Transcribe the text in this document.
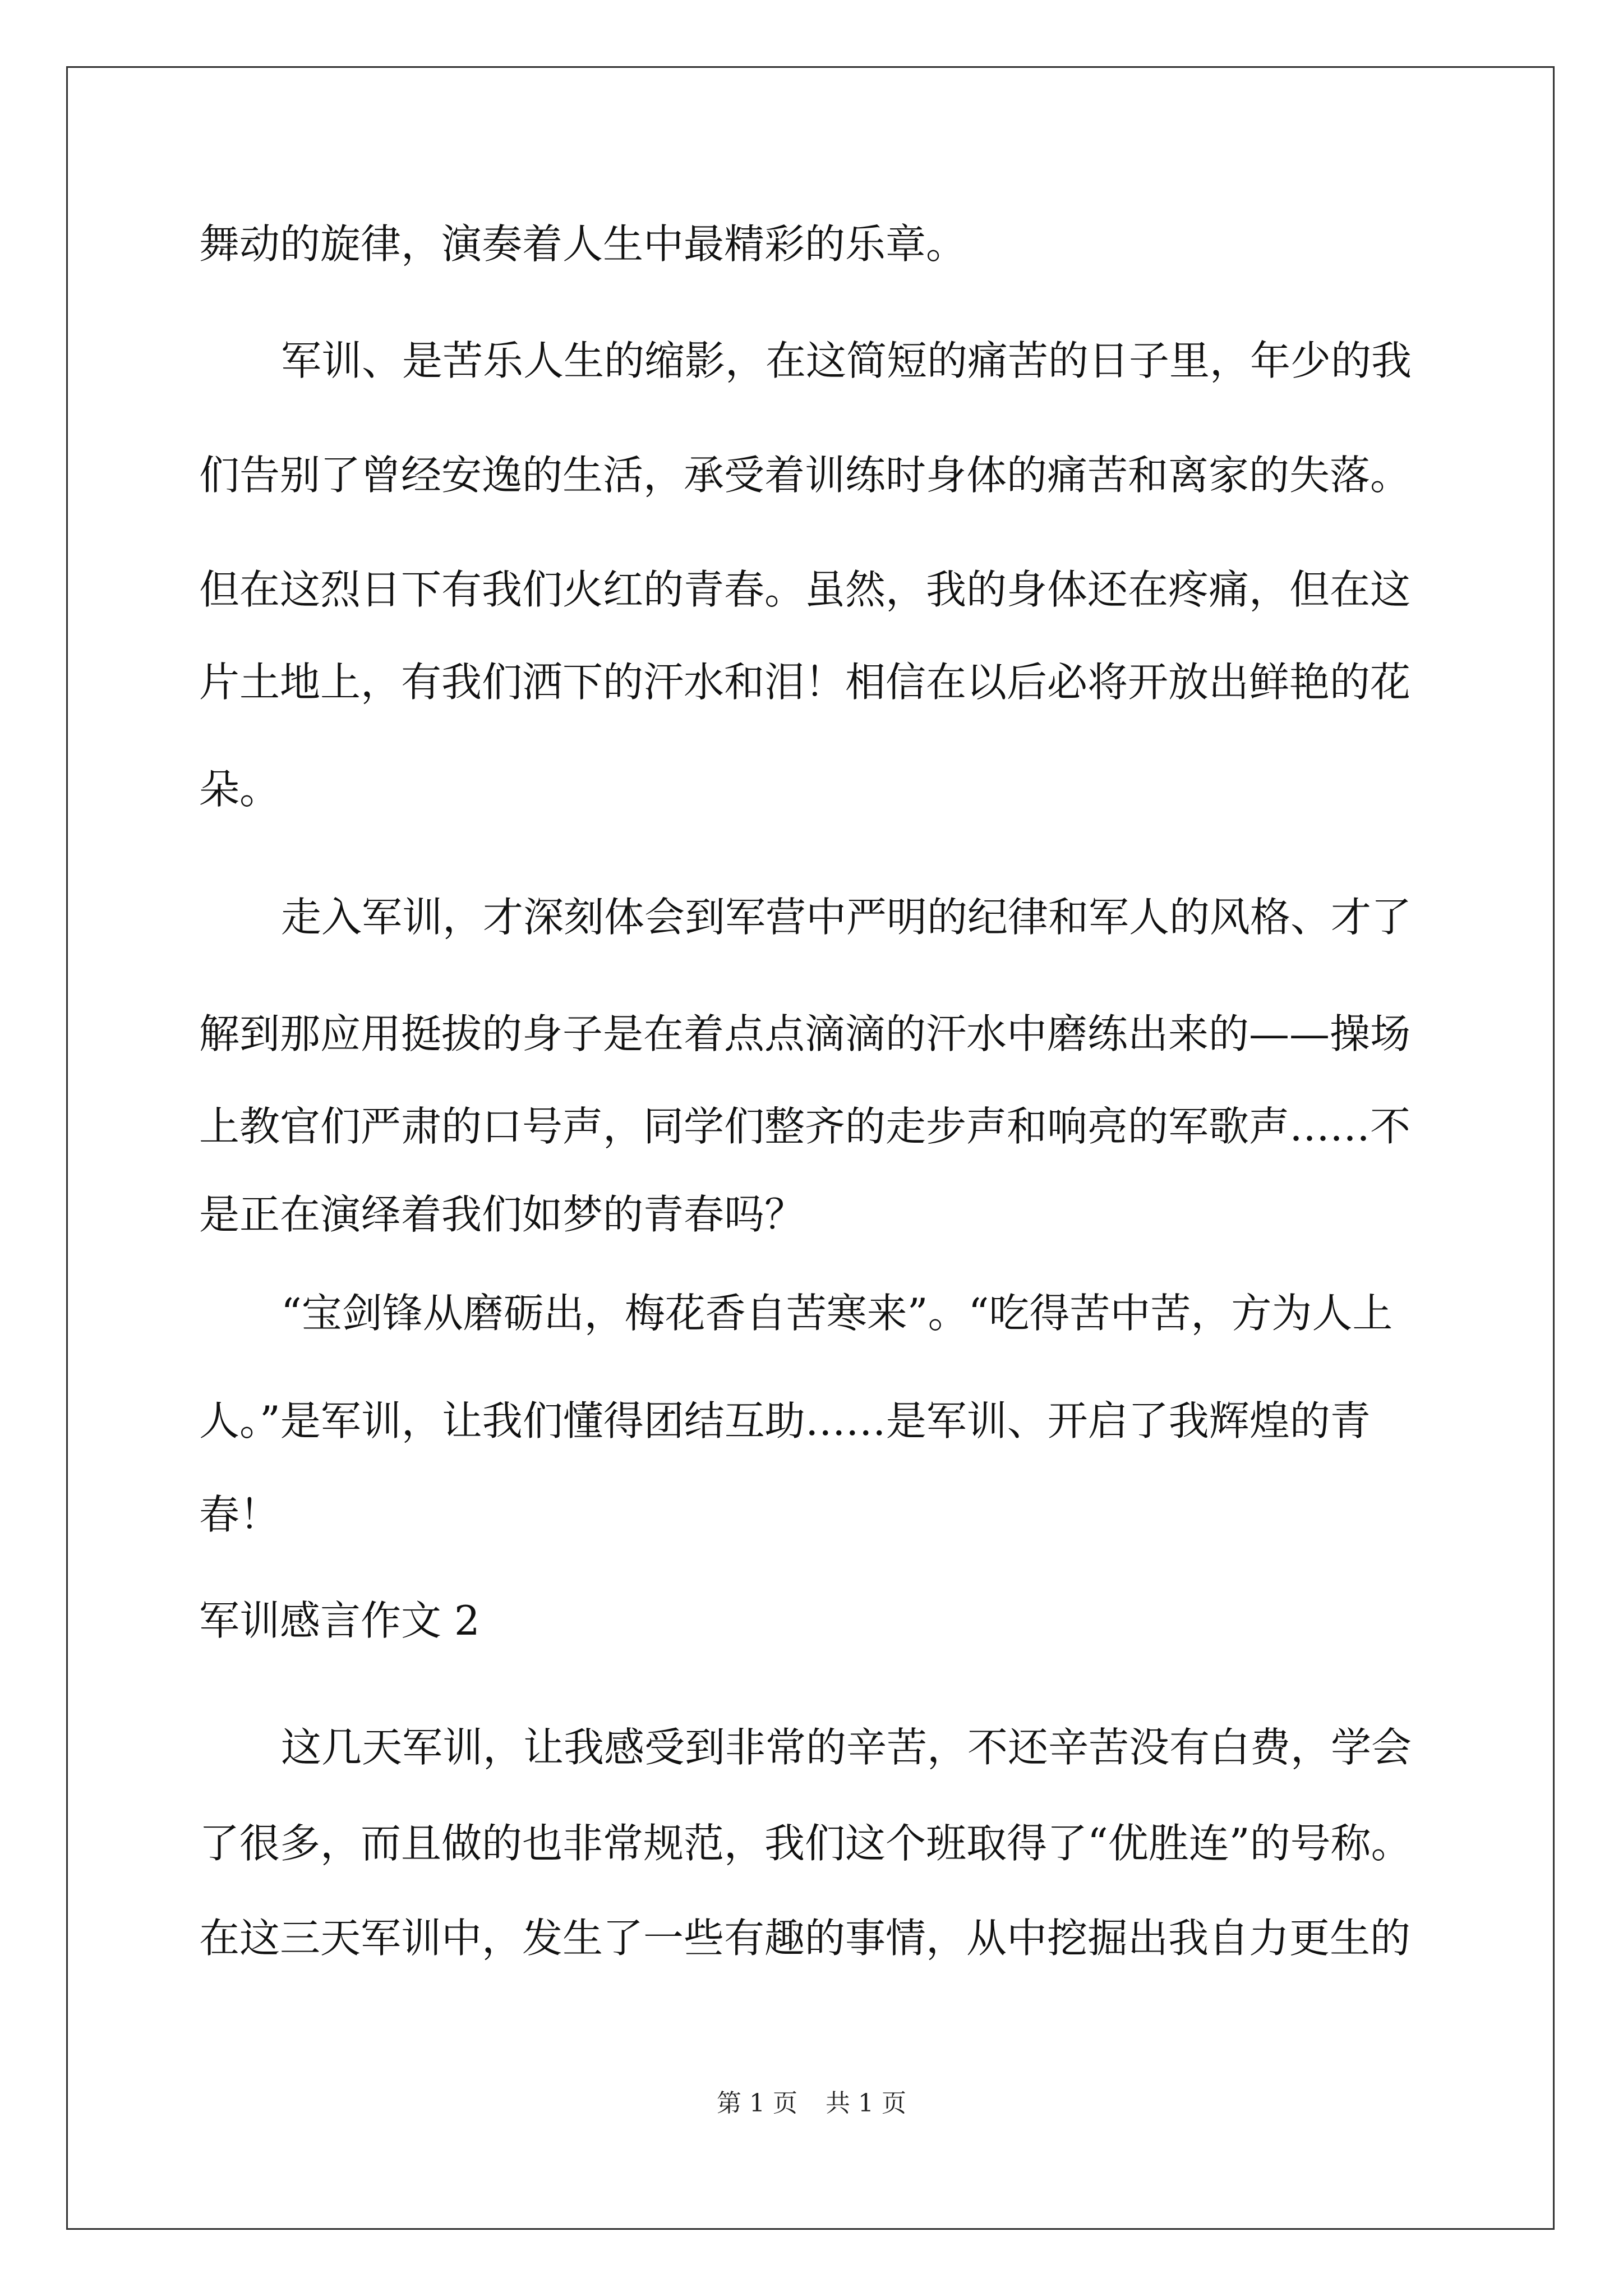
舞动的旋律，演奏着人生中最精彩的乐章。
军训、是苦乐人生的缩影，在这简短的痛苦的日子里，年少的我
们告别了曾经安逸的生活，承受着训练时身体的痛苦和离家的失落。
但在这烈日下有我们火红的青春。虽然，我的身体还在疼痛，但在这
片土地上，有我们洒下的汗水和泪！相信在以后必将开放出鲜艳的花
朵。
走入军训，才深刻体会到军营中严明的纪律和军人的风格、才了
解到那应用挺拔的身子是在着点点滴滴的汗水中磨练出来的——操场
上教官们严肃的口号声，同学们整齐的走步声和响亮的军歌声……不
是正在演绎着我们如梦的青春吗？
“宝剑锋从磨砺出，梅花香自苦寒来”。“吃得苦中苦，方为人上
人。”是军训，让我们懂得团结互助……是军训、开启了我辉煌的青
春！
军训感言作文 2
这几天军训，让我感受到非常的辛苦，不还辛苦没有白费，学会
了很多，而且做的也非常规范，我们这个班取得了“优胜连”的号称。
在这三天军训中，发生了一些有趣的事情，从中挖掘出我自力更生的
第 1 页 共 1 页
